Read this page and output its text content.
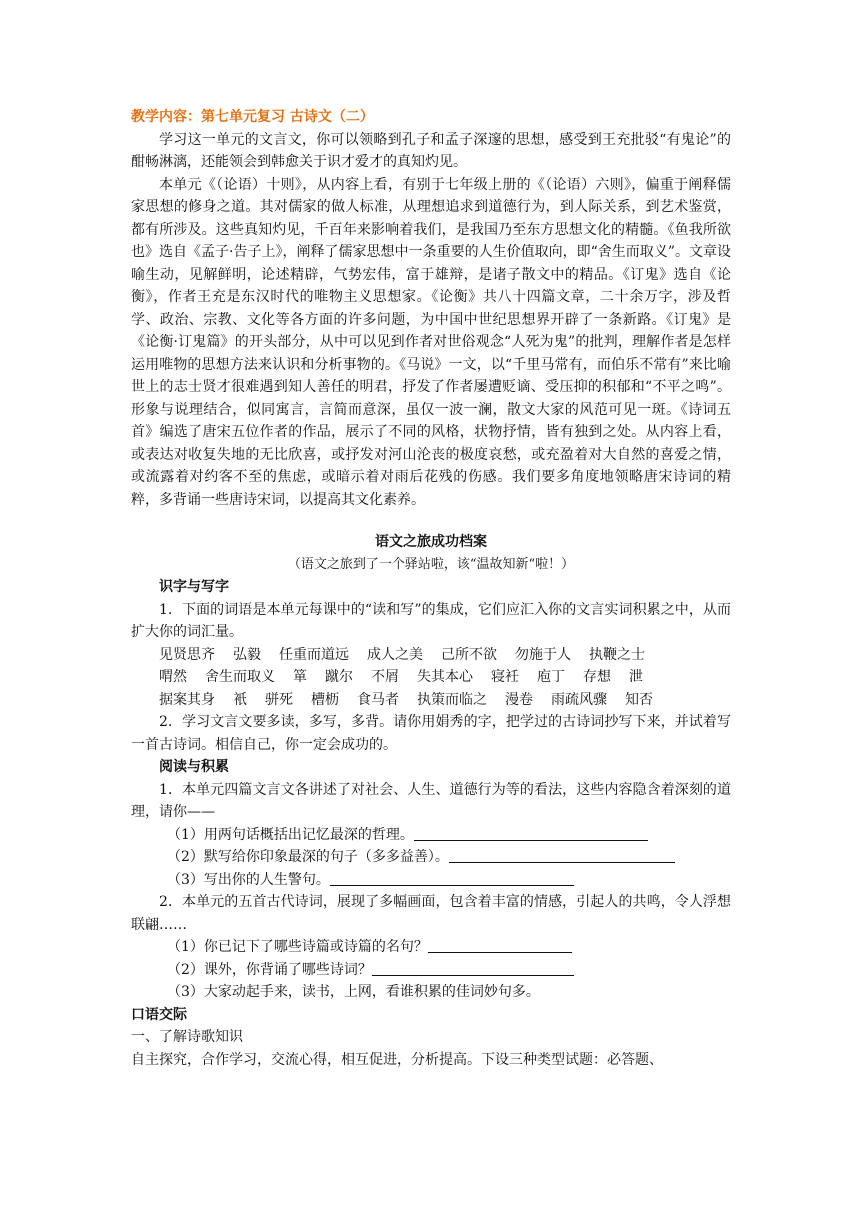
教学内容：第七单元复习 古诗文（二）

学习这一单元的文言文，你可以领略到孔子和孟子深邃的思想，感受到王充批驳“有鬼论”的酣畅淋漓，还能领会到韩愈关于识才爱才的真知灼见。

本单元《（论语）十则》，从内容上看，有别于七年级上册的《（论语）六则》，偏重于阐释儒家思想的修身之道。其对儒家的做人标准，从理想追求到道德行为，到人际关系，到艺术鉴赏，都有所涉及。这些真知灼见，千百年来影响着我们，是我国乃至东方思想文化的精髓。《鱼我所欲也》选自《孟子·告子上》，阐释了儒家思想中一条重要的人生价值取向，即“舍生而取义”。文章设喻生动，见解鲜明，论述精辟，气势宏伟，富于雄辩，是诸子散文中的精品。《订鬼》选自《论衡》，作者王充是东汉时代的唯物主义思想家。《论衡》共八十四篇文章，二十余万字，涉及哲学、政治、宗教、文化等各方面的许多问题，为中国中世纪思想界开辟了一条新路。《订鬼》是《论衡·订鬼篇》的开头部分，从中可以见到作者对世俗观念“人死为鬼”的批判，理解作者是怎样运用唯物的思想方法来认识和分析事物的。《马说》一文，以“千里马常有，而伯乐不常有”来比喻世上的志士贤才很难遇到知人善任的明君，抒发了作者屡遭贬谪、受压抑的积郁和“不平之鸣”。形象与说理结合，似同寓言，言简而意深，虽仅一波一澜，散文大家的风范可见一斑。《诗词五首》编选了唐宋五位作者的作品，展示了不同的风格，状物抒情，皆有独到之处。从内容上看，或表达对收复失地的无比欣喜，或抒发对河山沦丧的极度哀愁，或充盈着对大自然的喜爱之情，或流露着对约客不至的焦虑，或暗示着对雨后花残的伤感。我们要多角度地领略唐宋诗词的精粹，多背诵一些唐诗宋词，以提高其文化素养。

语文之旅成功档案

（语文之旅到了一个驿站啦，该“温故知新“啦！）

识字与写字

1．下面的词语是本单元每课中的“读和写”的集成，它们应汇入你的文言实词积累之中，从而扩大你的词汇量。

见贤思齐 弘毅 任重而道远 成人之美 己所不欲 勿施于人 执鞭之士

喟然 舍生而取义 箪 蹴尔 不屑 失其本心 寝衽 庖丁 存想 泄

据案其身 衹 骈死 槽枥 食马者 执策而临之 漫卷 雨疏风骤 知否

2．学习文言文要多读，多写，多背。请你用娟秀的字，把学过的古诗词抄写下来，并试着写一首古诗词。相信自己，你一定会成功的。

阅读与积累

1．本单元四篇文言文各讲述了对社会、人生、道德行为等的看法，这些内容隐含着深刻的道理，请你——

（1）用两句话概括出记忆最深的哲理。

（2）默写给你印象最深的句子（多多益善）。

（3）写出你的人生警句。

2．本单元的五首古代诗词，展现了多幅画面，包含着丰富的情感，引起人的共鸣，令人浮想联翩……

（1）你已记下了哪些诗篇或诗篇的名句？

（2）课外，你背诵了哪些诗词？

（3）大家动起手来，读书，上网，看谁积累的佳词妙句多。

口语交际

一、了解诗歌知识

自主探究，合作学习，交流心得，相互促进，分析提高。下设三种类型试题：必答题、
